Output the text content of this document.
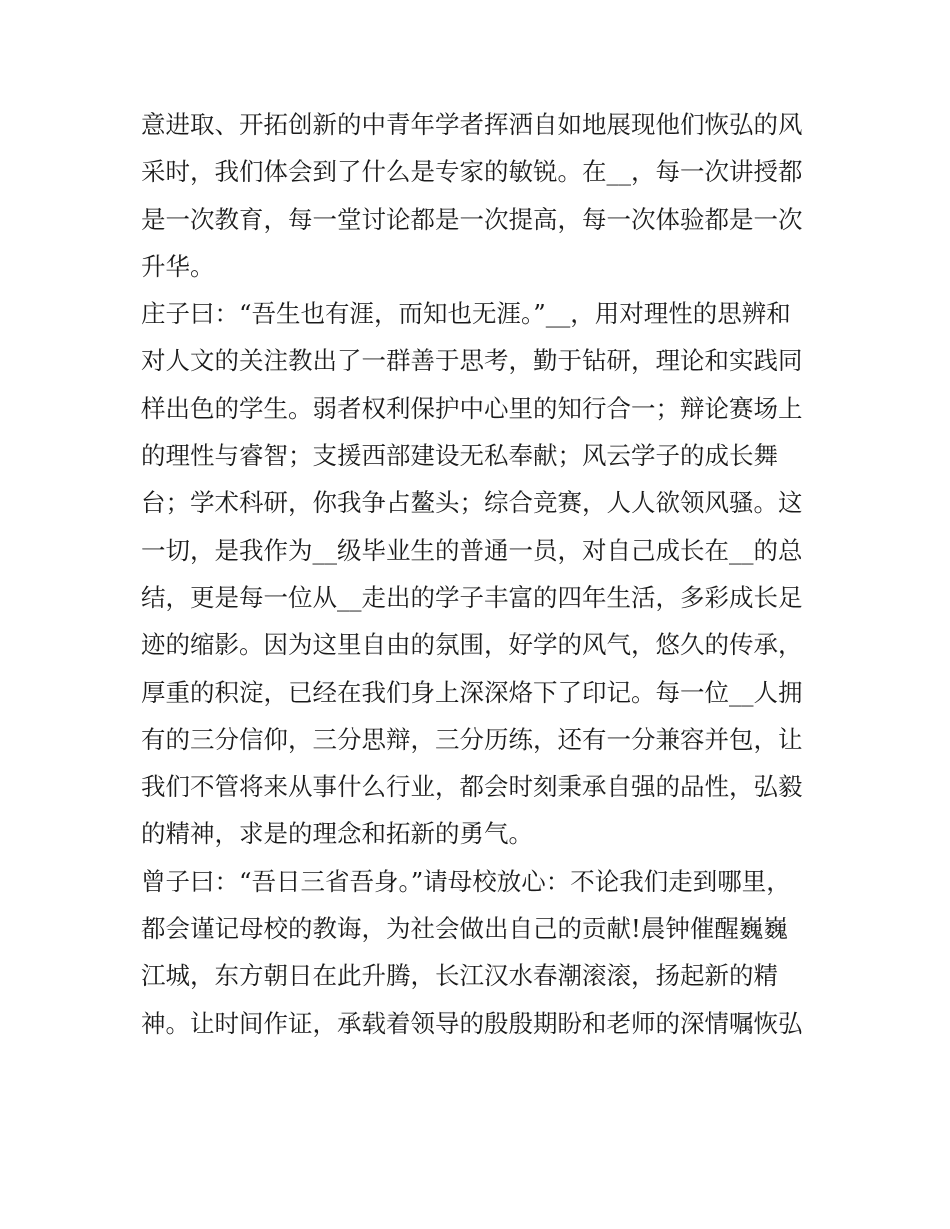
意进取、开拓创新的中青年学者挥洒自如地展现他们恢弘的风
采时，我们体会到了什么是专家的敏锐。在__，每一次讲授都
是一次教育，每一堂讨论都是一次提高，每一次体验都是一次
升华。
庄子曰：“吾生也有涯，而知也无涯。”__，用对理性的思辨和
对人文的关注教出了一群善于思考，勤于钻研，理论和实践同
样出色的学生。弱者权利保护中心里的知行合一；辩论赛场上
的理性与睿智；支援西部建设无私奉献；风云学子的成长舞
台；学术科研，你我争占鳌头；综合竞赛，人人欲领风骚。这
一切，是我作为__级毕业生的普通一员，对自己成长在__的总
结，更是每一位从__走出的学子丰富的四年生活，多彩成长足
迹的缩影。因为这里自由的氛围，好学的风气，悠久的传承，
厚重的积淀，已经在我们身上深深烙下了印记。每一位__人拥
有的三分信仰，三分思辩，三分历练，还有一分兼容并包，让
我们不管将来从事什么行业，都会时刻秉承自强的品性，弘毅
的精神，求是的理念和拓新的勇气。
曾子曰：“吾日三省吾身。”请母校放心：不论我们走到哪里，
都会谨记母校的教诲，为社会做出自己的贡献!晨钟催醒巍巍
江城，东方朝日在此升腾，长江汉水春潮滚滚，扬起新的精
神。让时间作证，承载着领导的殷殷期盼和老师的深情嘱恢弘
